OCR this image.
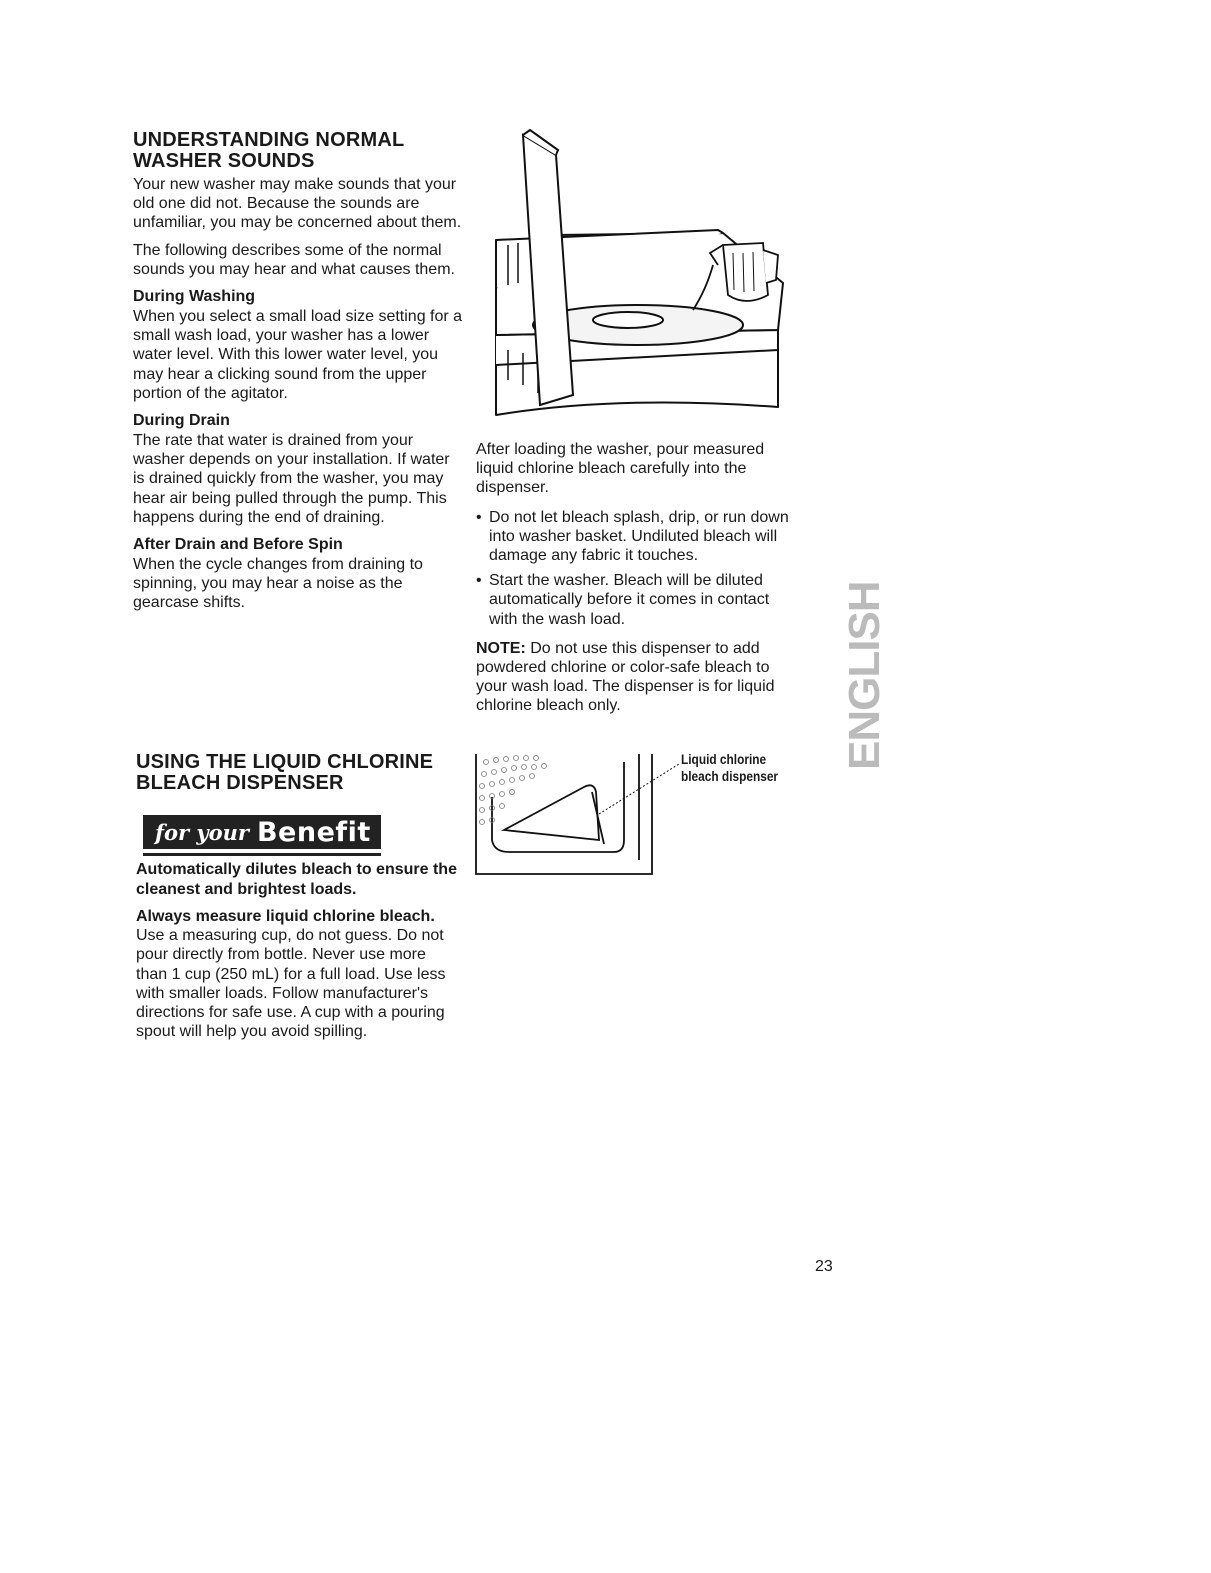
UNDERSTANDING NORMAL
WASHER SOUNDS

Your new washer may make sounds that your old one did not. Because the sounds are unfamiliar, you may be concerned about them.

The following describes some of the normal sounds you may hear and what causes them.

During Washing

When you select a small load size setting for a small wash load, your washer has a lower water level. With this lower water level, you may hear a clicking sound from the upper portion of the agitator.

During Drain

The rate that water is drained from your washer depends on your installation. If water is drained quickly from the washer, you may hear air being pulled through the pump. This happens during the end of draining.

After Drain and Before Spin

When the cycle changes from draining to spinning, you may hear a noise as the gearcase shifts.

USING THE LIQUID CHLORINE
BLEACH DISPENSER
for your Benefit
Automatically dilutes bleach to ensure the cleanest and brightest loads.

Always measure liquid chlorine bleach. Use a measuring cup, do not guess. Do not pour directly from bottle. Never use more than 1 cup (250 mL) for a full load. Use less with smaller loads. Follow manufacturer's directions for safe use. A cup with a pouring spout will help you avoid spilling.

After loading the washer, pour measured liquid chlorine bleach carefully into the dispenser.

• Do not let bleach splash, drip, or run down into washer basket. Undiluted bleach will damage any fabric it touches.
• Start the washer. Bleach will be diluted automatically before it comes in contact with the wash load.

NOTE: Do not use this dispenser to add powdered chlorine or color-safe bleach to your wash load. The dispenser is for liquid chlorine bleach only.

Liquid chlorine
bleach dispenser
ENGLISH
23
